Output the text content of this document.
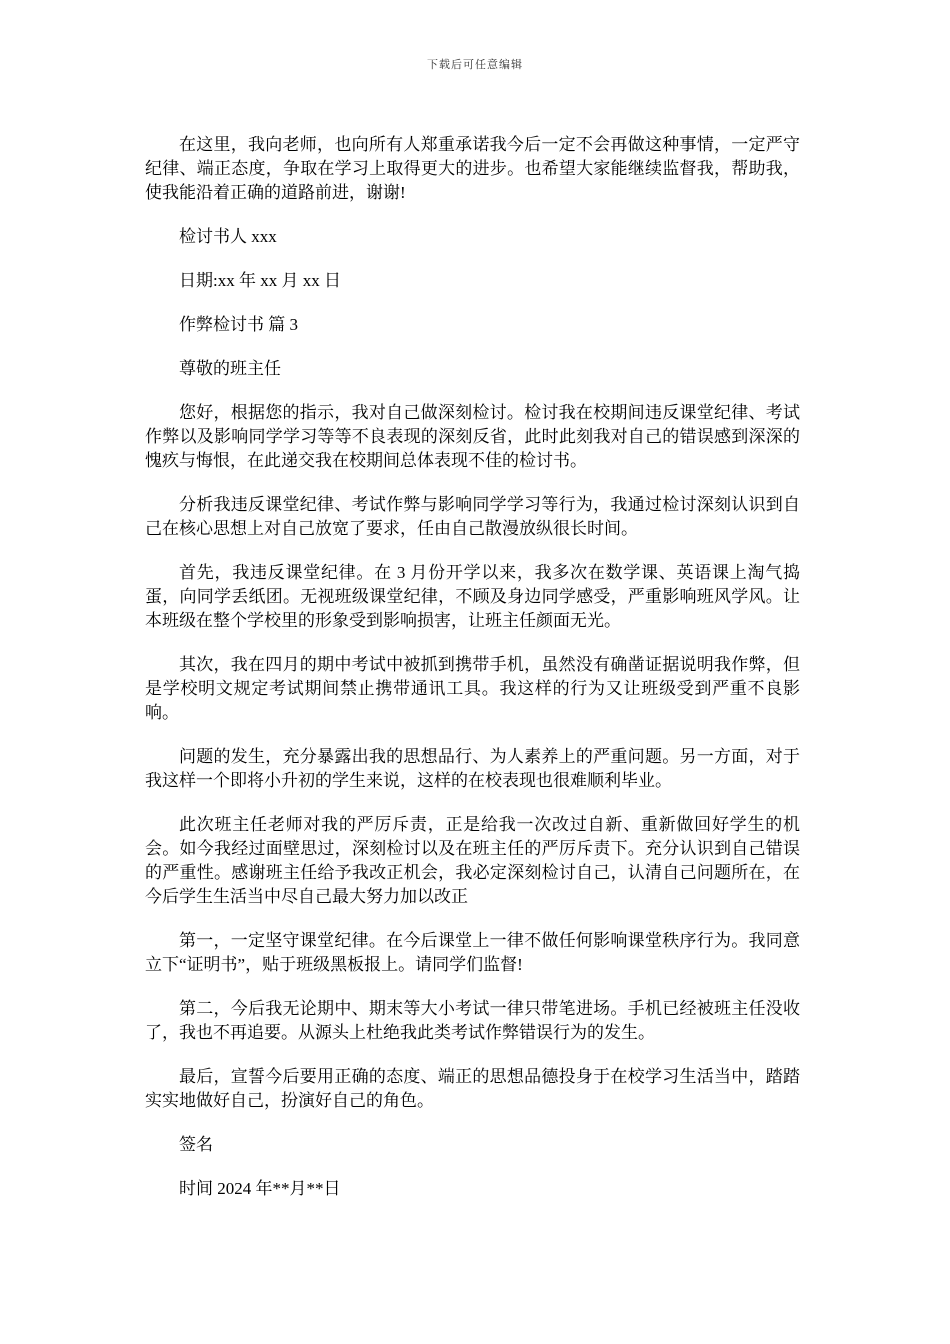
下载后可任意编辑

在这里，我向老师，也向所有人郑重承诺我今后一定不会再做这种事情，一定严守纪律、端正态度，争取在学习上取得更大的进步。也希望大家能继续监督我，帮助我，使我能沿着正确的道路前进，谢谢!

检讨书人 xxx

日期:xx 年 xx 月 xx 日

作弊检讨书 篇 3

尊敬的班主任

您好，根据您的指示，我对自己做深刻检讨。检讨我在校期间违反课堂纪律、考试作弊以及影响同学学习等等不良表现的深刻反省，此时此刻我对自己的错误感到深深的愧疚与悔恨，在此递交我在校期间总体表现不佳的检讨书。

分析我违反课堂纪律、考试作弊与影响同学学习等行为，我通过检讨深刻认识到自己在核心思想上对自己放宽了要求，任由自己散漫放纵很长时间。

首先，我违反课堂纪律。在 3 月份开学以来，我多次在数学课、英语课上淘气捣蛋，向同学丢纸团。无视班级课堂纪律，不顾及身边同学感受，严重影响班风学风。让本班级在整个学校里的形象受到影响损害，让班主任颜面无光。

其次，我在四月的期中考试中被抓到携带手机，虽然没有确凿证据说明我作弊，但是学校明文规定考试期间禁止携带通讯工具。我这样的行为又让班级受到严重不良影响。

问题的发生，充分暴露出我的思想品行、为人素养上的严重问题。另一方面，对于我这样一个即将小升初的学生来说，这样的在校表现也很难顺利毕业。

此次班主任老师对我的严厉斥责，正是给我一次改过自新、重新做回好学生的机会。如今我经过面壁思过，深刻检讨以及在班主任的严厉斥责下。充分认识到自己错误的严重性。感谢班主任给予我改正机会，我必定深刻检讨自己，认清自己问题所在，在今后学生生活当中尽自己最大努力加以改正

第一，一定坚守课堂纪律。在今后课堂上一律不做任何影响课堂秩序行为。我同意立下“证明书”，贴于班级黑板报上。请同学们监督!

第二，今后我无论期中、期末等大小考试一律只带笔进场。手机已经被班主任没收了，我也不再追要。从源头上杜绝我此类考试作弊错误行为的发生。

最后，宣誓今后要用正确的态度、端正的思想品德投身于在校学习生活当中，踏踏实实地做好自己，扮演好自己的角色。

签名

时间 2024 年**月**日
